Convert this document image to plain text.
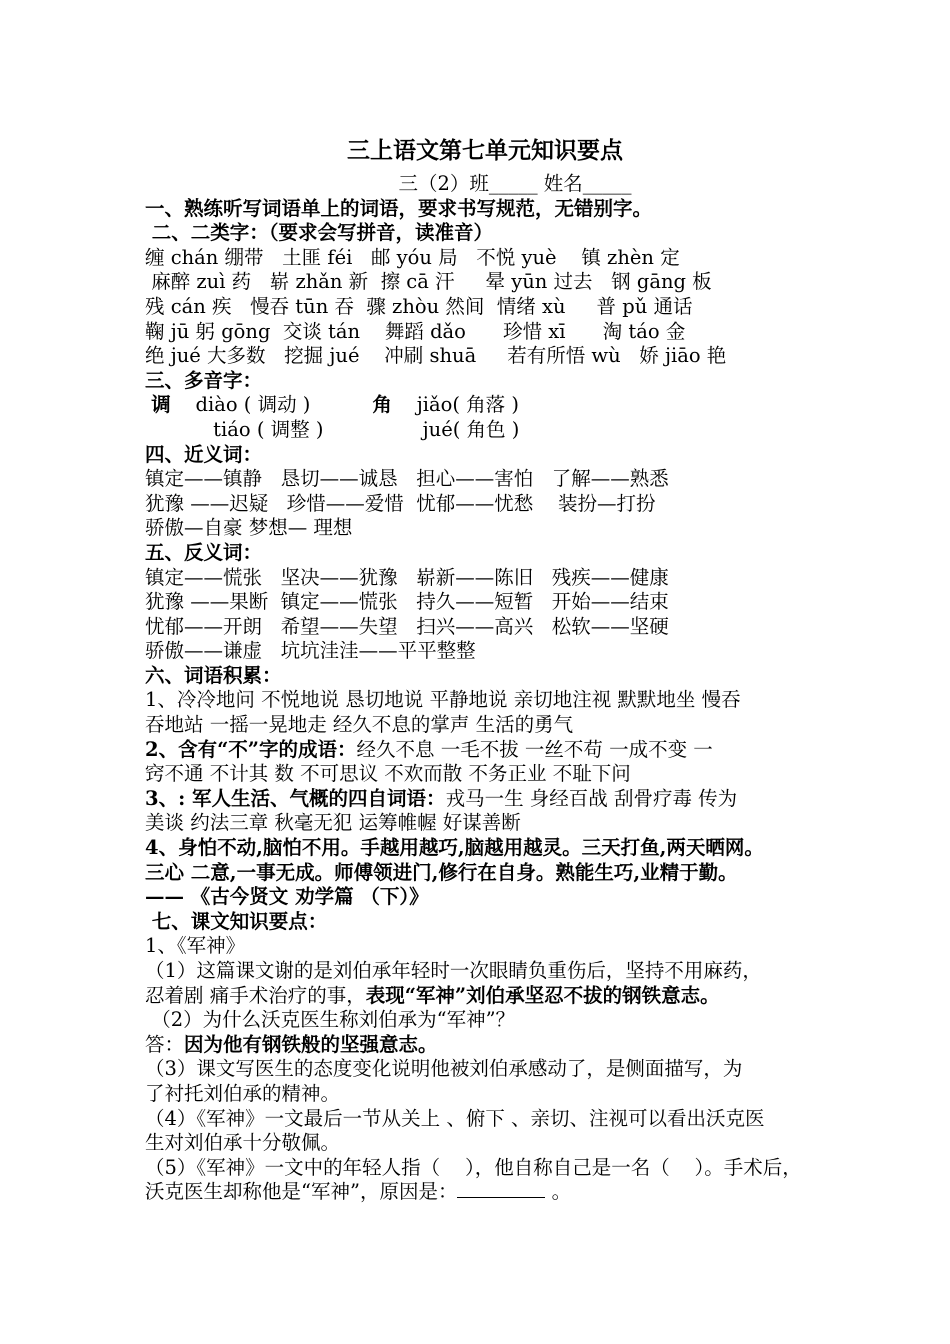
三上语文第七单元知识要点
三（2）班_____ 姓名_____
一、熟练听写词语单上的词语，要求书写规范，无错别字。
二、二类字：（要求会写拼音，读准音）
缠 chán 绷带   土匪 féi   邮 yóu 局   不悦 yuè    镇 zhèn 定
麻醉 zuì 药   崭 zhǎn 新  擦 cā 汗     晕 yūn 过去   钢 gāng 板
残 cán 疾   慢吞 tūn 吞  骤 zhòu 然间  情绪 xù     普 pǔ 通话
鞠 jū 躬 gōng  交谈 tán    舞蹈 dǎo      珍惜 xī      淘 táo 金
绝 jué 大多数   挖掘 jué    冲刷 shuā     若有所悟 wù   娇 jiāo 艳
三、多音字：
调    diào ( 调动 )          角    jiǎo( 角落 )
tiáo ( 调整 )                jué( 角色 )
四、近义词：
镇定——镇静   恳切——诚恳   担心——害怕   了解——熟悉
犹豫 ——迟疑   珍惜——爱惜  忧郁——忧愁    装扮—打扮
骄傲—自豪 梦想— 理想
五、反义词：
镇定——慌张   坚决——犹豫   崭新——陈旧   残疾——健康
犹豫 ——果断  镇定——慌张   持久——短暂   开始——结束
忧郁——开朗   希望——失望   扫兴——高兴   松软——坚硬
骄傲——谦虚   坑坑洼洼——平平整整
六、词语积累：
1、冷冷地问 不悦地说 恳切地说 平静地说 亲切地注视 默默地坐 慢吞
吞地站 一摇一晃地走 经久不息的掌声 生活的勇气
2、含有“不”字的成语：经久不息 一毛不拔 一丝不苟 一成不变 一
窍不通 不计其 数 不可思议 不欢而散 不务正业 不耻下问
3、: 军人生活、气概的四自词语：戎马一生 身经百战 刮骨疗毒 传为
美谈 约法三章 秋毫无犯 运筹帷幄 好谋善断
4、身怕不动,脑怕不用。手越用越巧,脑越用越灵。三天打鱼,两天晒网。
三心 二意,一事无成。师傅领进门,修行在自身。熟能生巧,业精于勤。
—— 《古今贤文 劝学篇 （下）》
七、课文知识要点：
1、《军神》
（1）这篇课文谢的是刘伯承年轻时一次眼睛负重伤后，坚持不用麻药，
忍着剧 痛手术治疗的事，表现“军神”刘伯承坚忍不拔的钢铁意志。
（2）为什么沃克医生称刘伯承为“军神”？
答：因为他有钢铁般的坚强意志。
（3）课文写医生的态度变化说明他被刘伯承感动了，是侧面描写，为
了衬托刘伯承的精神。
（4）《军神》一文最后一节从关上 、俯下 、亲切、注视可以看出沃克医
生对刘伯承十分敬佩。
（5）《军神》一文中的年轻人指（    ），他自称自己是一名（    ）。手术后，
沃克医生却称他是“军神”，原因是：	。
